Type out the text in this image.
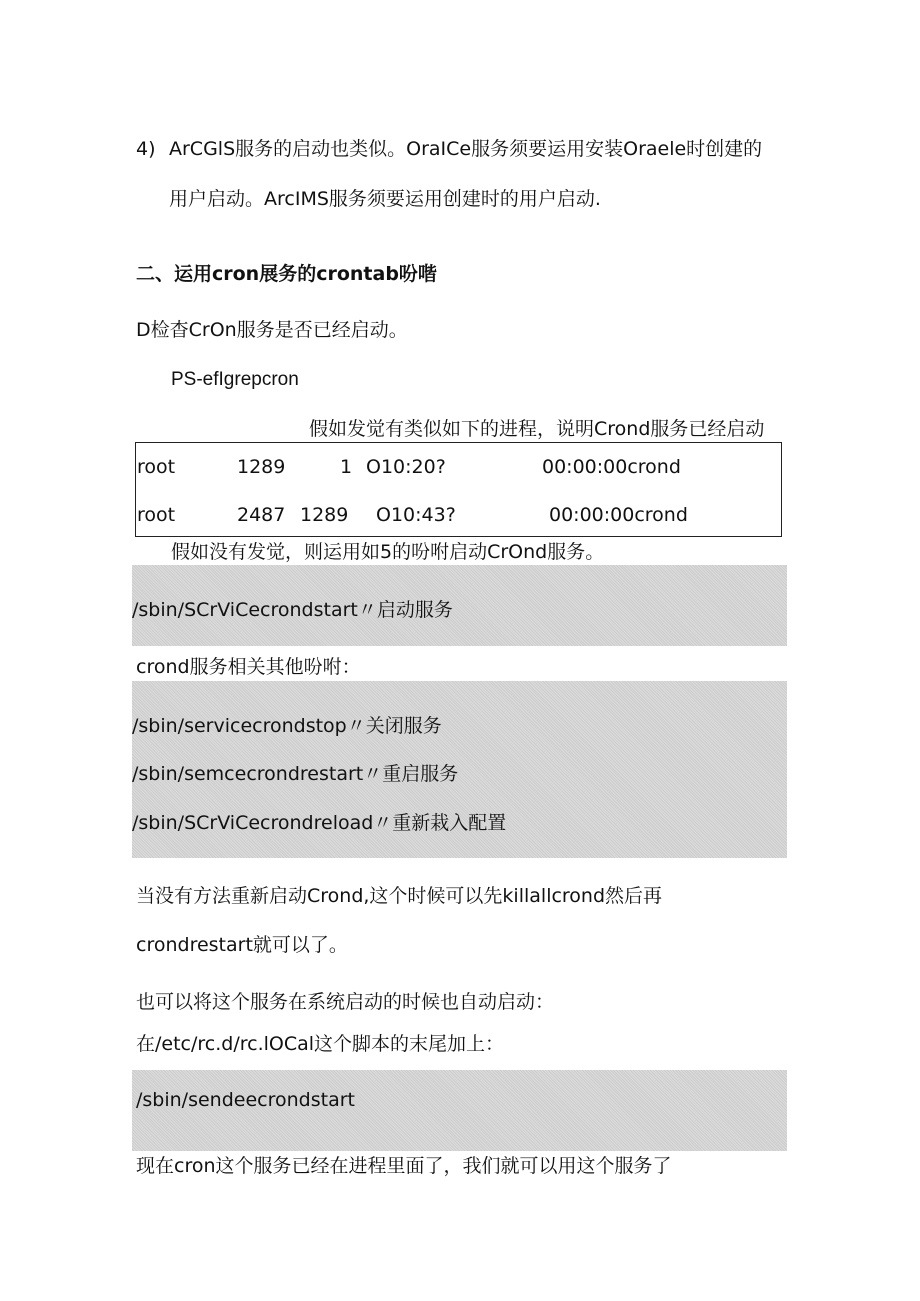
4) ArCGlS服务的启动也类似。OraICe服务须要运用安装Oraele时创建的
用户启动。ArcIMS服务须要运用创建时的用户启动.
二、运用cron展务的crontab吩喈
D检杳CrOn服务是否已经启动。
PS-efIgrepcron
假如发觉有类似如下的进程，说明Crond服务已经启动
root	1289	1 O10:20?	00:00:00crond
root	2487 1289 O10:43?	00:00:00crond
假如没有发觉，则运用如5的吩咐启动CrOnd服务。
/sbin/SCrViCecrondstart〃启动服务
crond服务相关其他吩咐：
/sbin/servicecrondstop〃关闭服务
/sbin/semcecrondrestart〃重启服务
/sbin/SCrViCecrondreload〃重新栽入配置
当没有方法重新启动Crond,这个时候可以先killallcrond然后再
crondrestart就可以了。
也可以将这个服务在系统启动的时候也自动启动：
在/etc/rc.d/rc.lOCal这个脚本的末尾加上：
/sbin/sendeecrondstart
现在cron这个服务已经在进程里面了，我们就可以用这个服务了
